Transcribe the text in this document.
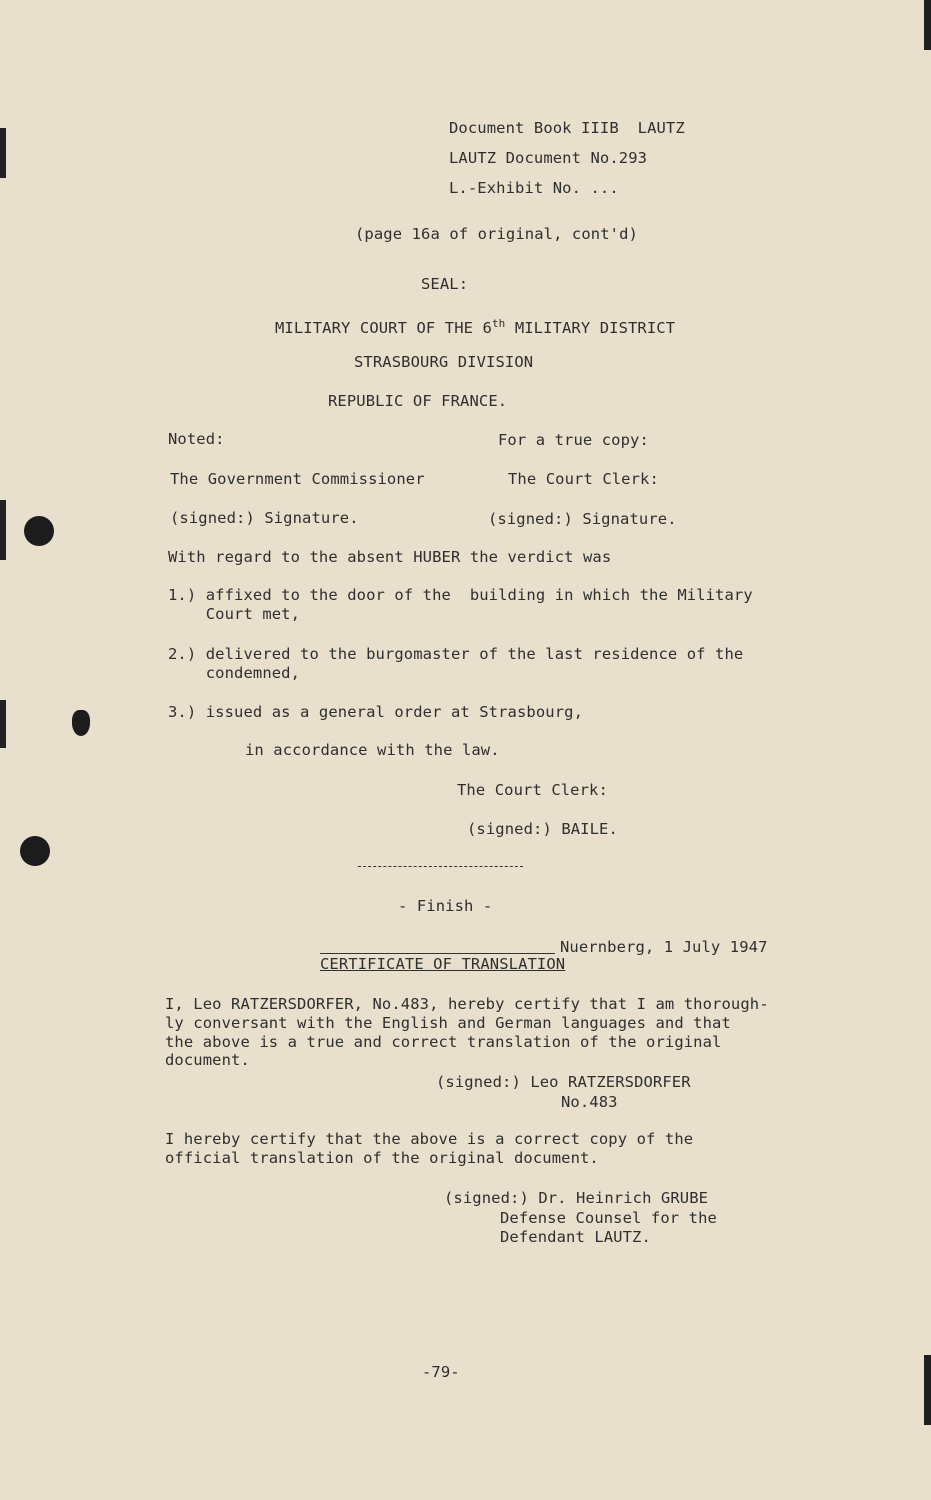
Document Book IIIB  LAUTZ
LAUTZ Document No.293
L.-Exhibit No. ...
(page 16a of original, cont'd)
SEAL:
MILITARY COURT OF THE 6th MILITARY DISTRICT
STRASBOURG DIVISION
REPUBLIC OF FRANCE.
Noted:	For a true copy:
The Government Commissioner	The Court Clerk:
(signed:) Signature.	(signed:) Signature.
With regard to the absent HUBER the verdict was
1.) affixed to the door of the  building in which the Military
Court met,
2.) delivered to the burgomaster of the last residence of the
condemned,
3.) issued as a general order at Strasbourg,
in accordance with the law.
The Court Clerk:
(signed:) BAILE.
- Finish -
Nuernberg, 1 July 1947
CERTIFICATE OF TRANSLATION
I, Leo RATZERSDORFER, No.483, hereby certify that I am thorough-
ly conversant with the English and German languages and that
the above is a true and correct translation of the original
document.
(signed:) Leo RATZERSDORFER
No.483
I hereby certify that the above is a correct copy of the
official translation of the original document.
(signed:) Dr. Heinrich GRUBE
Defense Counsel for the
Defendant LAUTZ.
-79-
